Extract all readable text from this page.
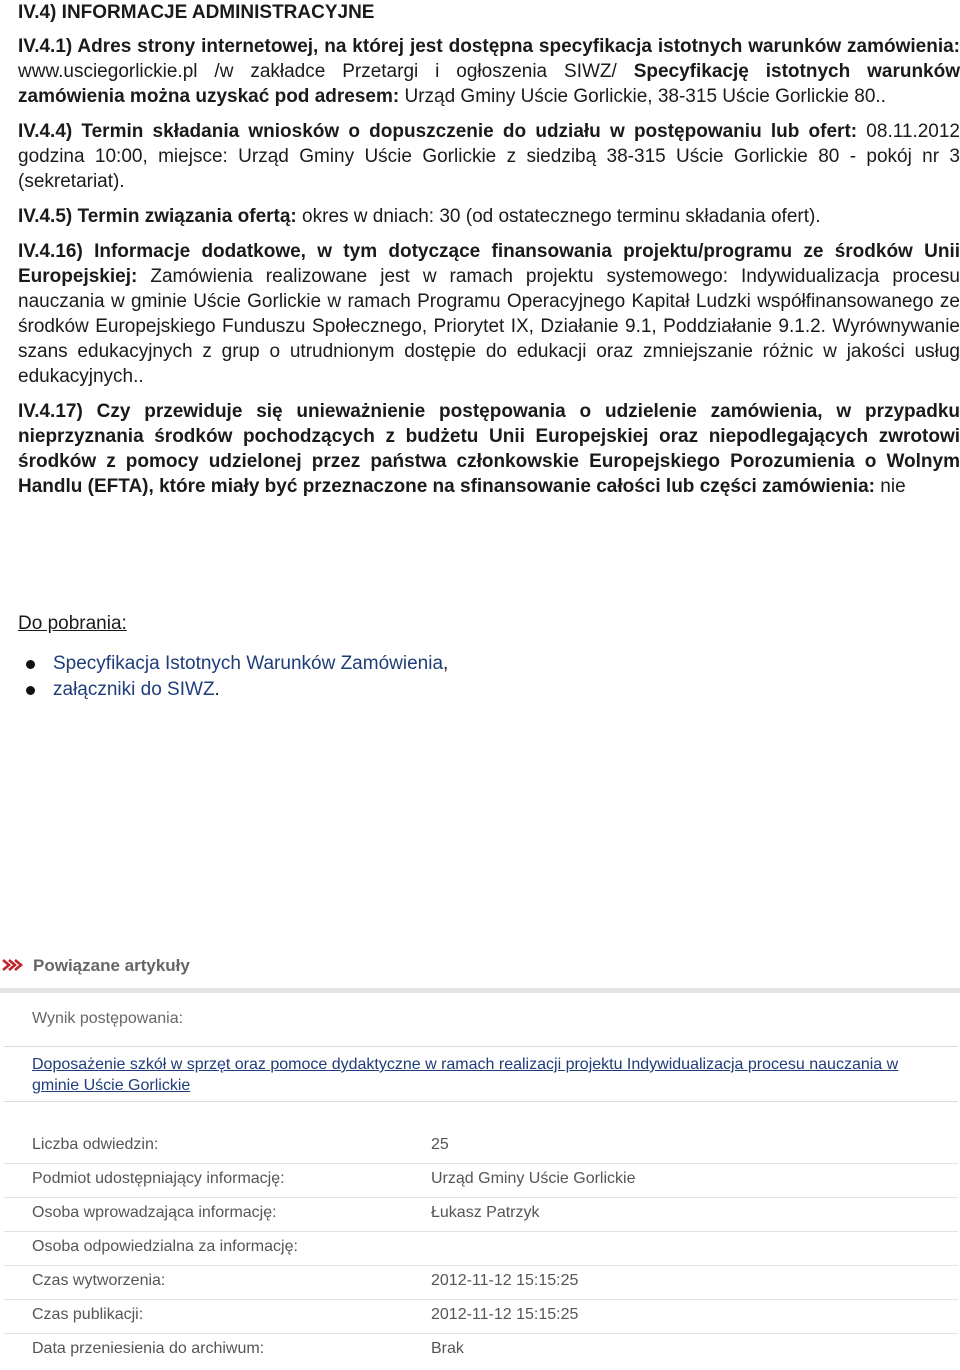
IV.4) INFORMACJE ADMINISTRACYJNE

IV.4.1) Adres strony internetowej, na której jest dostępna specyfikacja istotnych warunków zamówienia: www.usciegorlickie.pl /w zakładce Przetargi i ogłoszenia SIWZ/ Specyfikację istotnych warunków zamówienia można uzyskać pod adresem: Urząd Gminy Uście Gorlickie, 38-315 Uście Gorlickie 80..

IV.4.4) Termin składania wniosków o dopuszczenie do udziału w postępowaniu lub ofert: 08.11.2012 godzina 10:00, miejsce: Urząd Gminy Uście Gorlickie z siedzibą 38-315 Uście Gorlickie 80 - pokój nr 3 (sekretariat).

IV.4.5) Termin związania ofertą: okres w dniach: 30 (od ostatecznego terminu składania ofert).

IV.4.16) Informacje dodatkowe, w tym dotyczące finansowania projektu/programu ze środków Unii Europejskiej: Zamówienia realizowane jest w ramach projektu systemowego: Indywidualizacja procesu nauczania w gminie Uście Gorlickie w ramach Programu Operacyjnego Kapitał Ludzki współfinansowanego ze środków Europejskiego Funduszu Społecznego, Priorytet IX, Działanie 9.1, Poddziałanie 9.1.2. Wyrównywanie szans edukacyjnych z grup o utrudnionym dostępie do edukacji oraz zmniejszanie różnic w jakości usług edukacyjnych..

IV.4.17) Czy przewiduje się unieważnienie postępowania o udzielenie zamówienia, w przypadku nieprzyznania środków pochodzących z budżetu Unii Europejskiej oraz niepodlegających zwrotowi środków z pomocy udzielonej przez państwa członkowskie Europejskiego Porozumienia o Wolnym Handlu (EFTA), które miały być przeznaczone na sfinansowanie całości lub części zamówienia: nie

Do pobrania:
Specyfikacja Istotnych Warunków Zamówienia,
załączniki do SIWZ.
Powiązane artykuły
Wynik postępowania:
Doposażenie szkół w sprzęt oraz pomoce dydaktyczne w ramach realizacji projektu Indywidualizacja procesu nauczania w gminie Uście Gorlickie
Liczba odwiedzin:	25
Podmiot udostępniający informację:	Urząd Gminy Uście Gorlickie
Osoba wprowadzająca informację:	Łukasz Patrzyk
Osoba odpowiedzialna za informację:
Czas wytworzenia:	2012-11-12 15:15:25
Czas publikacji:	2012-11-12 15:15:25
Data przeniesienia do archiwum:	Brak
